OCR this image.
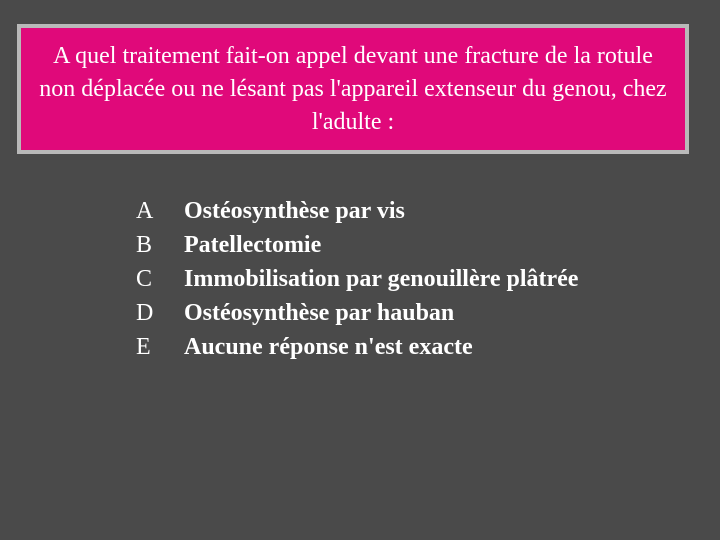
A quel traitement fait-on appel devant une fracture de la rotule non déplacée ou ne lésant pas l'appareil extenseur du genou, chez l'adulte :

A	Ostéosynthèse par vis
B	Patellectomie
C	Immobilisation par genouillère plâtrée
D	Ostéosynthèse par hauban
E	Aucune réponse n'est exacte
